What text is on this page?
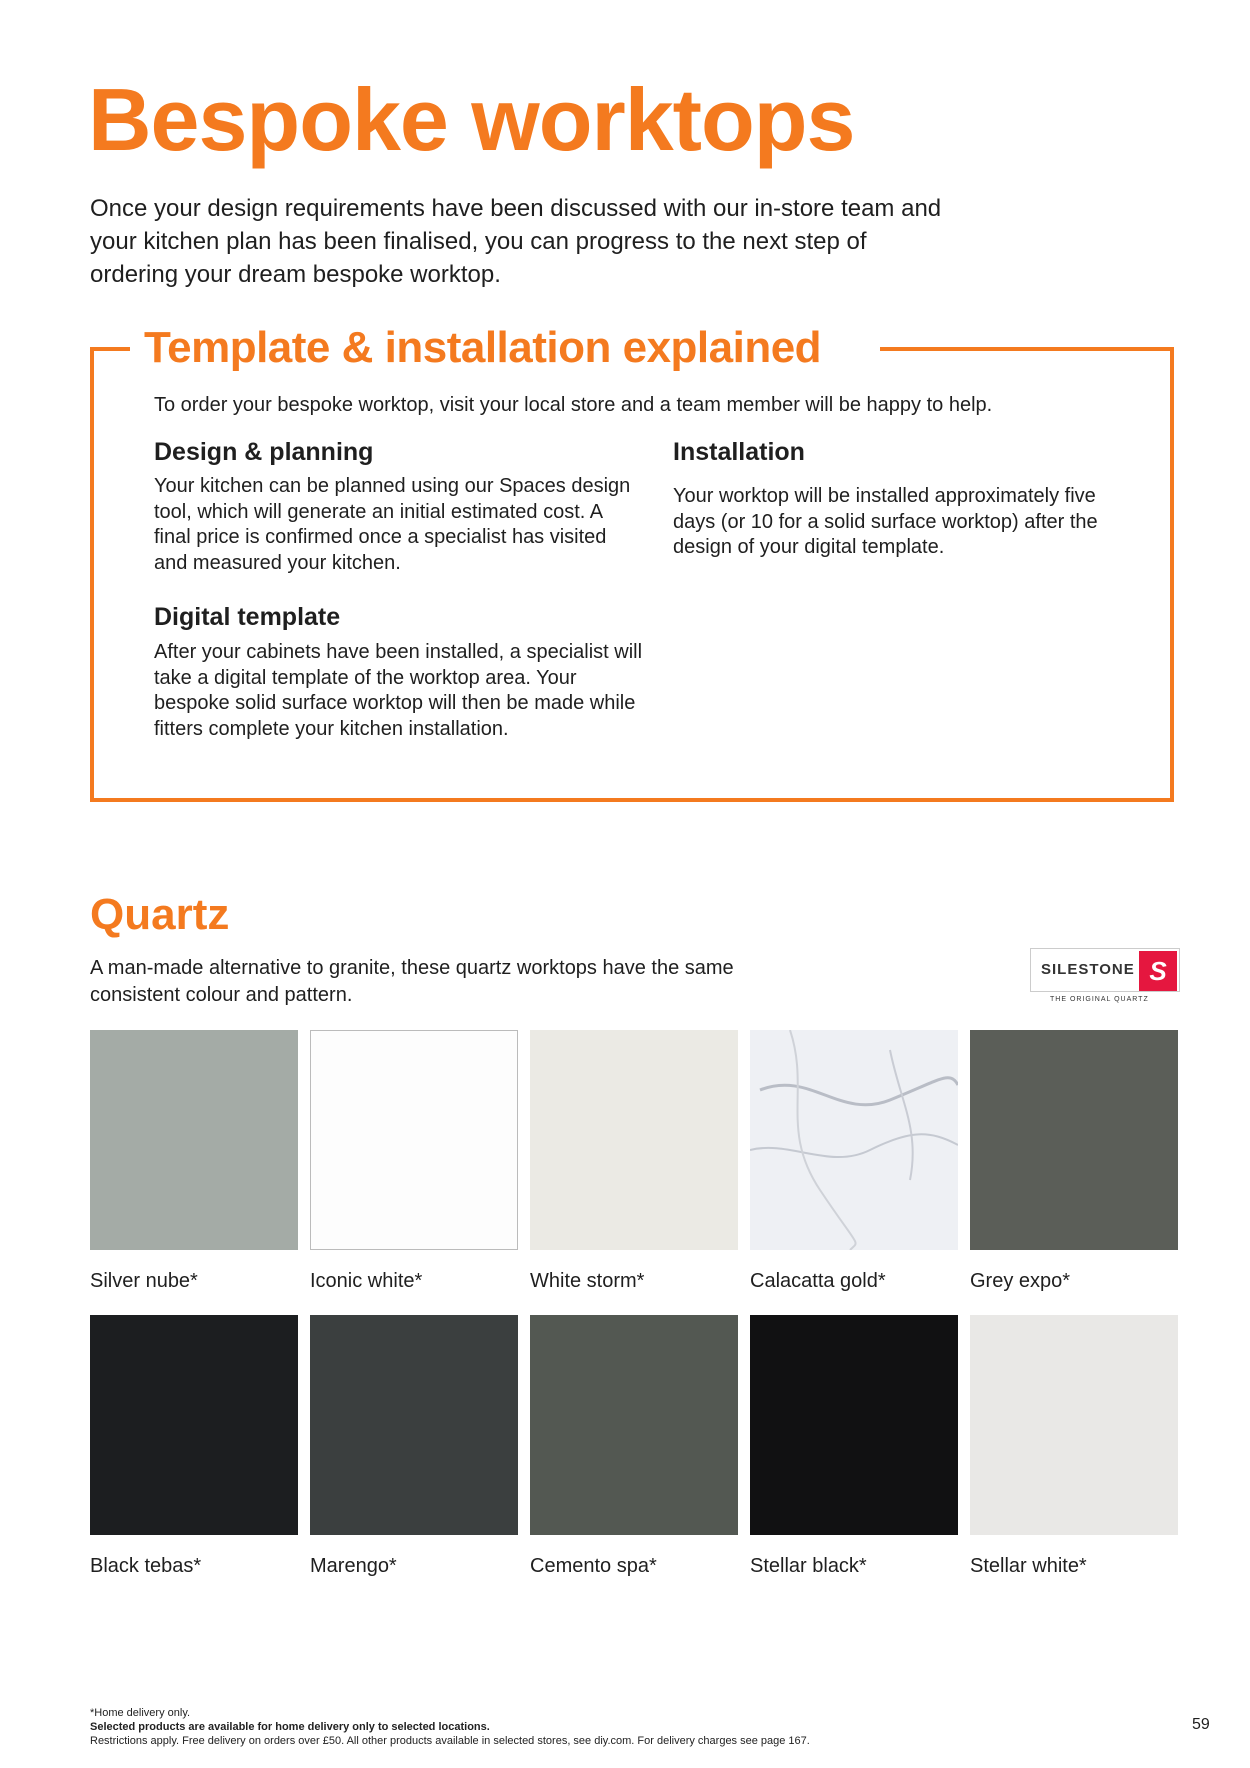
Bespoke worktops
Once your design requirements have been discussed with our in-store team and your kitchen plan has been finalised, you can progress to the next step of ordering your dream bespoke worktop.
Template & installation explained
To order your bespoke worktop, visit your local store and a team member will be happy to help.
Design & planning
Your kitchen can be planned using our Spaces design tool, which will generate an initial estimated cost. A final price is confirmed once a specialist has visited and measured your kitchen.
Digital template
After your cabinets have been installed, a specialist will take a digital template of the worktop area. Your bespoke solid surface worktop will then be made while fitters complete your kitchen installation.
Installation
Your worktop will be installed approximately five days (or 10 for a solid surface worktop) after the design of your digital template.
Quartz
A man-made alternative to granite, these quartz worktops have the same consistent colour and pattern.
SILESTONE S
THE ORIGINAL QUARTZ
Silver nube*	Iconic white*	White storm*	Calacatta gold*	Grey expo*
Black tebas*	Marengo*	Cemento spa*	Stellar black*	Stellar white*
*Home delivery only.
Selected products are available for home delivery only to selected locations.
Restrictions apply. Free delivery on orders over £50. All other products available in selected stores, see diy.com. For delivery charges see page 167.
59
